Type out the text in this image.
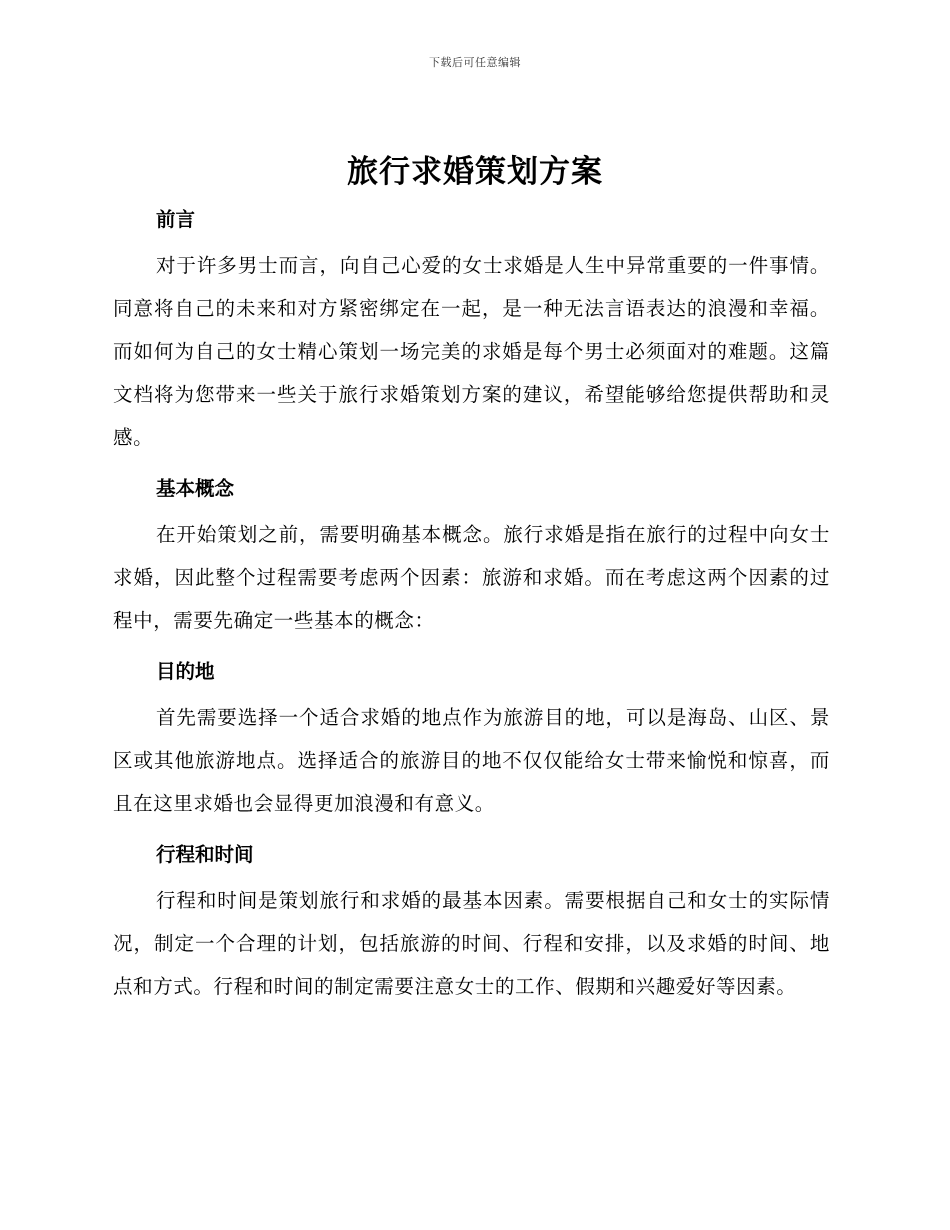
下载后可任意编辑
旅行求婚策划方案
前言

对于许多男士而言，向自己心爱的女士求婚是人生中异常重要的一件事情。同意将自己的未来和对方紧密绑定在一起，是一种无法言语表达的浪漫和幸福。而如何为自己的女士精心策划一场完美的求婚是每个男士必须面对的难题。这篇文档将为您带来一些关于旅行求婚策划方案的建议，希望能够给您提供帮助和灵感。

基本概念

在开始策划之前，需要明确基本概念。旅行求婚是指在旅行的过程中向女士求婚，因此整个过程需要考虑两个因素：旅游和求婚。而在考虑这两个因素的过程中，需要先确定一些基本的概念：

目的地

首先需要选择一个适合求婚的地点作为旅游目的地，可以是海岛、山区、景区或其他旅游地点。选择适合的旅游目的地不仅仅能给女士带来愉悦和惊喜，而且在这里求婚也会显得更加浪漫和有意义。

行程和时间

行程和时间是策划旅行和求婚的最基本因素。需要根据自己和女士的实际情况，制定一个合理的计划，包括旅游的时间、行程和安排，以及求婚的时间、地点和方式。行程和时间的制定需要注意女士的工作、假期和兴趣爱好等因素。
